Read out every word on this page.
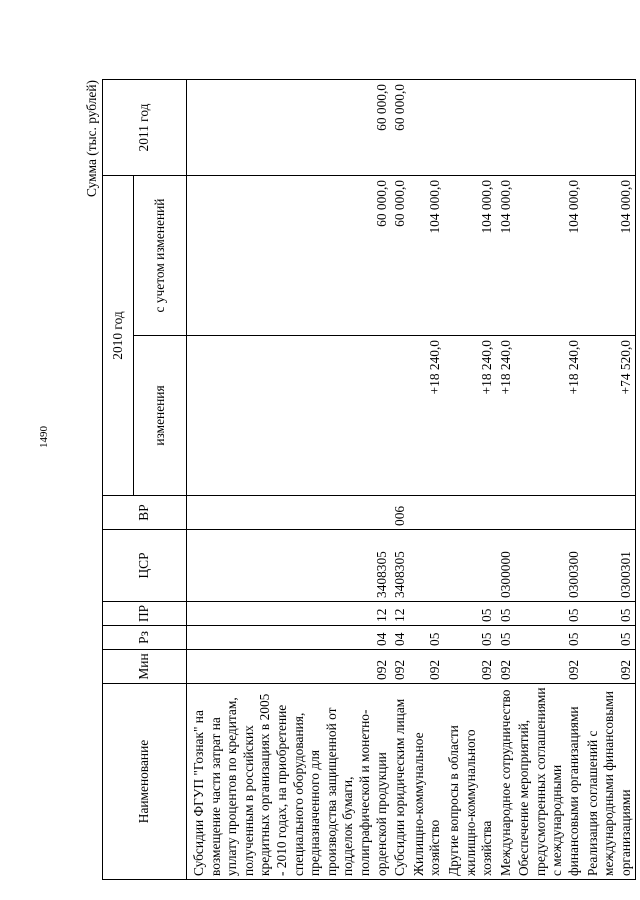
1490
Сумма (тыс. рублей)
Наименование	Мин	Рз	ПР	ЦСР	ВР	2010 год		2011 год
						изменения	с учетом изменений	
Субсидии ФГУП "Гознак" на возмещение части затрат на уплату процентов по кредитам, полученным в российских кредитных организациях в 2005 - 2010 годах, на приобретение специального оборудования, предназначенного для производства защищенной от подделок бумаги, полиграфической и монетно-орденской продукции	092	04	12	3408305			60 000,0	60 000,0
Субсидии юридическим лицам	092	04	12	3408305	006		60 000,0	60 000,0
Жилищно-коммунальное хозяйство	092	05				+18 240,0	104 000,0	
Другие вопросы в области жилищно-коммунального хозяйства	092	05	05			+18 240,0	104 000,0	
Международное сотрудничество	092	05	05	0300000		+18 240,0	104 000,0	
Обеспечение мероприятий, предусмотренных соглашениями с международными финансовыми организациями	092	05	05	0300300		+18 240,0	104 000,0	
Реализация соглашений с международными финансовыми организациями	092	05	05	0300301		+74 520,0	104 000,0	
